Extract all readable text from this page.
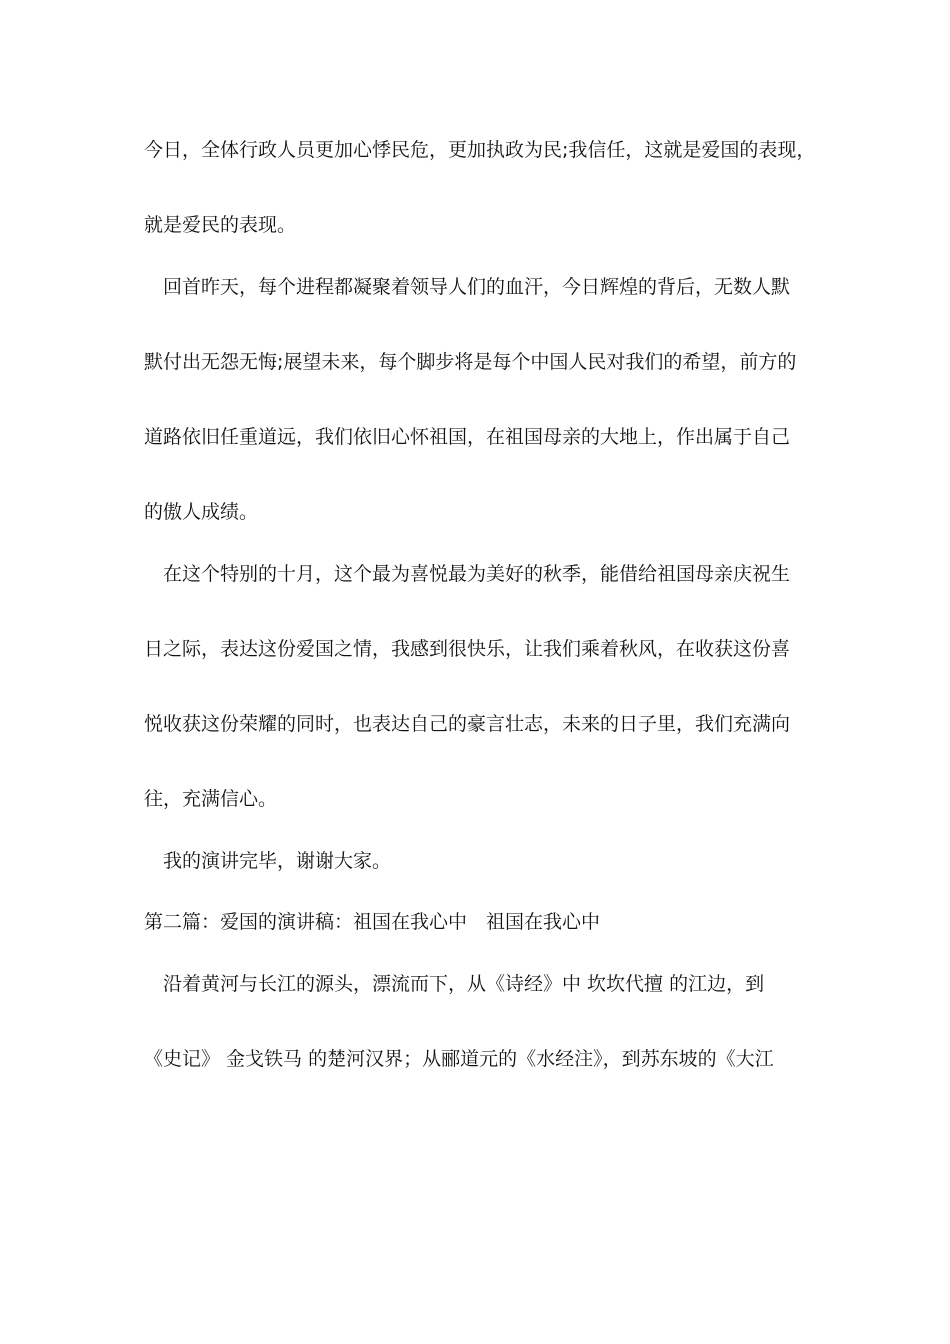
今日，全体行政人员更加心悸民危，更加执政为民;我信任，这就是爱国的表现，
就是爱民的表现。
回首昨天，每个进程都凝聚着领导人们的血汗，今日辉煌的背后，无数人默
默付出无怨无悔;展望未来，每个脚步将是每个中国人民对我们的希望，前方的
道路依旧任重道远，我们依旧心怀祖国，在祖国母亲的大地上，作出属于自己
的傲人成绩。
在这个特别的十月，这个最为喜悦最为美好的秋季，能借给祖国母亲庆祝生
日之际，表达这份爱国之情，我感到很快乐，让我们乘着秋风，在收获这份喜
悦收获这份荣耀的同时，也表达自己的豪言壮志，未来的日子里，我们充满向
往，充满信心。
我的演讲完毕，谢谢大家。
第二篇：爱国的演讲稿：祖国在我心中　祖国在我心中
沿着黄河与长江的源头，漂流而下，从《诗经》中 坎坎代擅 的江边，到
《史记》 金戈铁马 的楚河汉界；从郦道元的《水经注》，到苏东坡的《大江
